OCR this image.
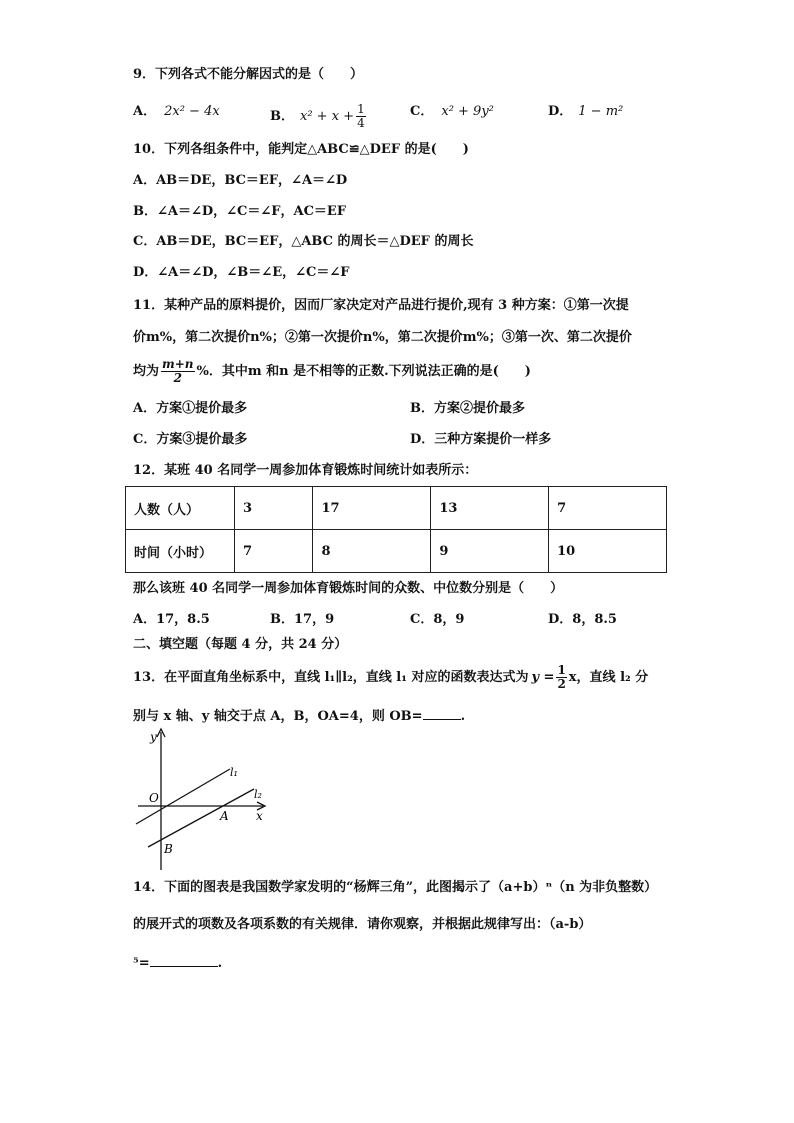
9．下列各式不能分解因式的是（　　）
A． 2x² − 4x	B． $x^2 + x + \frac{1}{4}$	C． x² + 9y²	D． 1 − m²
10．下列各组条件中，能判定△ABC≌△DEF 的是(　　)
A．AB＝DE，BC＝EF，∠A＝∠D
B．∠A＝∠D，∠C＝∠F，AC＝EF
C．AB＝DE，BC＝EF，△ABC 的周长＝△DEF 的周长
D．∠A＝∠D，∠B＝∠E，∠C＝∠F
11．某种产品的原料提价，因而厂家决定对产品进行提价,现有 3 种方案：①第一次提
价m%，第二次提价n%；②第一次提价n%，第二次提价m%；③第一次、第二次提价
均为 $\frac{m+n}{2}$ %．其中m 和n 是不相等的正数.下列说法正确的是(　　)
A．方案①提价最多	B．方案②提价最多
C．方案③提价最多	D．三种方案提价一样多
12．某班 40 名同学一周参加体育锻炼时间统计如表所示：
人数（人）	3	17	13	7
时间（小时）	7	8	9	10
那么该班 40 名同学一周参加体育锻炼时间的众数、中位数分别是（　　）
A．17，8.5	B．17，9	C．8，9	D．8，8.5
二、填空题（每题 4 分，共 24 分）
13．在平面直角坐标系中，直线 l₁∥l₂，直线 l₁ 对应的函数表达式为 $y = \frac{1}{2}$ x，直线 l₂ 分
别与 x 轴、y 轴交于点 A，B，OA=4，则 OB=	.
y
x
O
A
B
l₁
l₂
14．下面的图表是我国数学家发明的“杨辉三角”，此图揭示了（a+b）ⁿ（n 为非负整数）
的展开式的项数及各项系数的有关规律．请你观察，并根据此规律写出：（a-b）
⁵=	.
